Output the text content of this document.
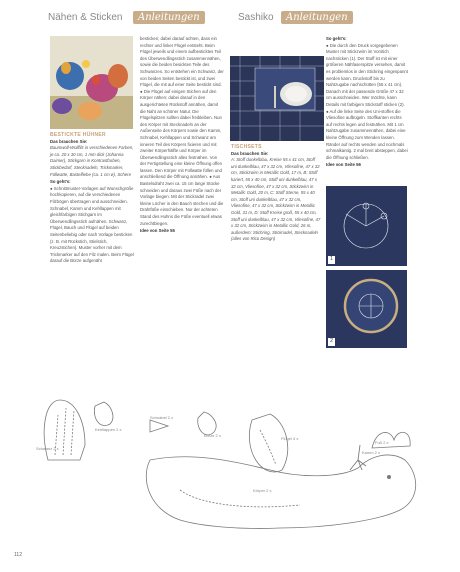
Nähen & Sticken	Anleitungen	Sashiko	Anleitungen
1
2
BESTICKTE HÜHNER
Das brauchen Sie:

Baumwoll-Wollfilz in verschiedenen Farben, je ca. 20 x 30 cm, 1 mm dick (Johanna Daimer), Stickgarn in Kontrastfarben, Stickbedarf, Stecknadeln, Trickmarker, Füllwatte, Bastelfiebe (ca. 1 cm ø), Schere

So geht's:

● Schnittmuster-Vorlagen auf Wunschgröße hochkopieren, auf die verschiedenen Filzbögen übertragen und ausschneiden. Schnabel, Kamm und Kehllappen mit gleichfarbigen Stichgarn im Überwendlingsstich aufnähen. Schwanz, Flügel, Bauch und Flügel auf beiden Seitenbeliebig oder nach Vorlage besticken (z. B. mit Rückstich, Stielstich, Kreuzstichen). Muster vorher mit dem Trickmarker auf den Filz malen. Beim Flügel darauf die Bürze aufgenäht

besticken; dabei darauf achten, dass ein rechter und linker Flügel entsteht. Beim Flügel jeweils und einem aufbesticktes Teil des Überwendlingsstich zusammennähen, sowie die beiden besickten Teile des Schwanzes. So entstehen ein Schwanz, der von beiden Seiten bestickt ist, und zwei Flügel, die mit auf einer Seite bestickt sind. ● Die Flügel auf einigen Stichen auf den Körper nähen; dabei darauf in den ausgerichteten Rückstoff annähen, damit die Naht an schöner Natur. Die Flügelspitzen sollten dabei freibleiben. Nun den Körper mit Stecknadeln an der Außenseite des Körpers sowie den Kamm, Schnabel, Kehllappen und Schwanz am inneren Teil des Körpers fixieren und mit zweiter Körperhälfte und Körper im Überwendlingsstich alles festnähen. Von der Fertigstellung eine kleine Öffnung offen lassen. Den Körper mit Füllwatte füllen und anschließend die Öffnung annähen. ● Aus Bastelsdraht zwei ca. 15 cm lange Stücke schneiden und daraus zwei Füße nach der Vorlage biegen. Mit der Stickradel zwei kleine Löcher in den Bauch stechen und die Drahtfüße einschieben. Nur der achteten Stand des Huhns die Füße eventuell etwas zurechtbiegen.

Idee von Seite 55
TISCHSETS
Das brauchen Sie:

A: Stoff dunkelblau, Kreise 55 x 41 cm, Stoff uni dunkelblau, 47 x 32 cm, Vliesofine, 47 x 32 cm, Stickzwirn in Metallic Gold, 17 m, B: Stoff kariert, 55 x 40 cm, Stoff uni dunkelblau, 47 x 32 cm, Vliesofine, 47 x 32 cm, Stickzwirn in Metallic Gold, 20 m, C: Stoff Sterne, 55 x 40 cm, Stoff uni dunkelblau, 47 x 32 cm, Vliesofine, 47 x 32 cm, Stickzwirn in Metallic Gold, 31 m, D: Stoff Kreise groß, 55 x 40 cm, Stoff uni dunkelblau, 47 x 32 cm, Vliesofine, 47 x 32 cm, Stickzwirn in Metallic Gold, 26 m, außerdem: Stichring, Sticknadel, Stecknadeln (alles von Rico Design)

So geht's:

● Die durch den Druck vorgegebenen Muster mit Stickzwirn im Vorstich nachsticken (1). Der Stoff ist mit einer größeren Nähfaserspitze versehen, damit es problemlos in den Stickring eingespannt werden kann. Druckstoff bis zu Nahtzugabe nachschütten (55 x 41 cm). Danach mit der passende Größe 47 x 32 cm ausschneiden. Wer möchte, kann Details mit farbigem Stickstoff sticken (2). ● Auf die linke Seite des Uni-stoffes die Vliesofine aufbügeln. Stoffkanten rechts auf rechts legen und festnähen. Mit 1 cm Nahtzugabe zusammennähen, dabei eine kleine Öffnung zum Wenden lassen. Ränder auf rechts wenden und nochmals schmalkantig. 2 mal breit absteppen, dabei die Öffnung schließen.

Idee von Seite 56
Kehllappen 2 x
Schnabel 2 x
Schwanz 2 x
Bürze 2 x
Flügel 4 x
Fuß 2 x
Kamm 2 x
Körper 2 x
112
